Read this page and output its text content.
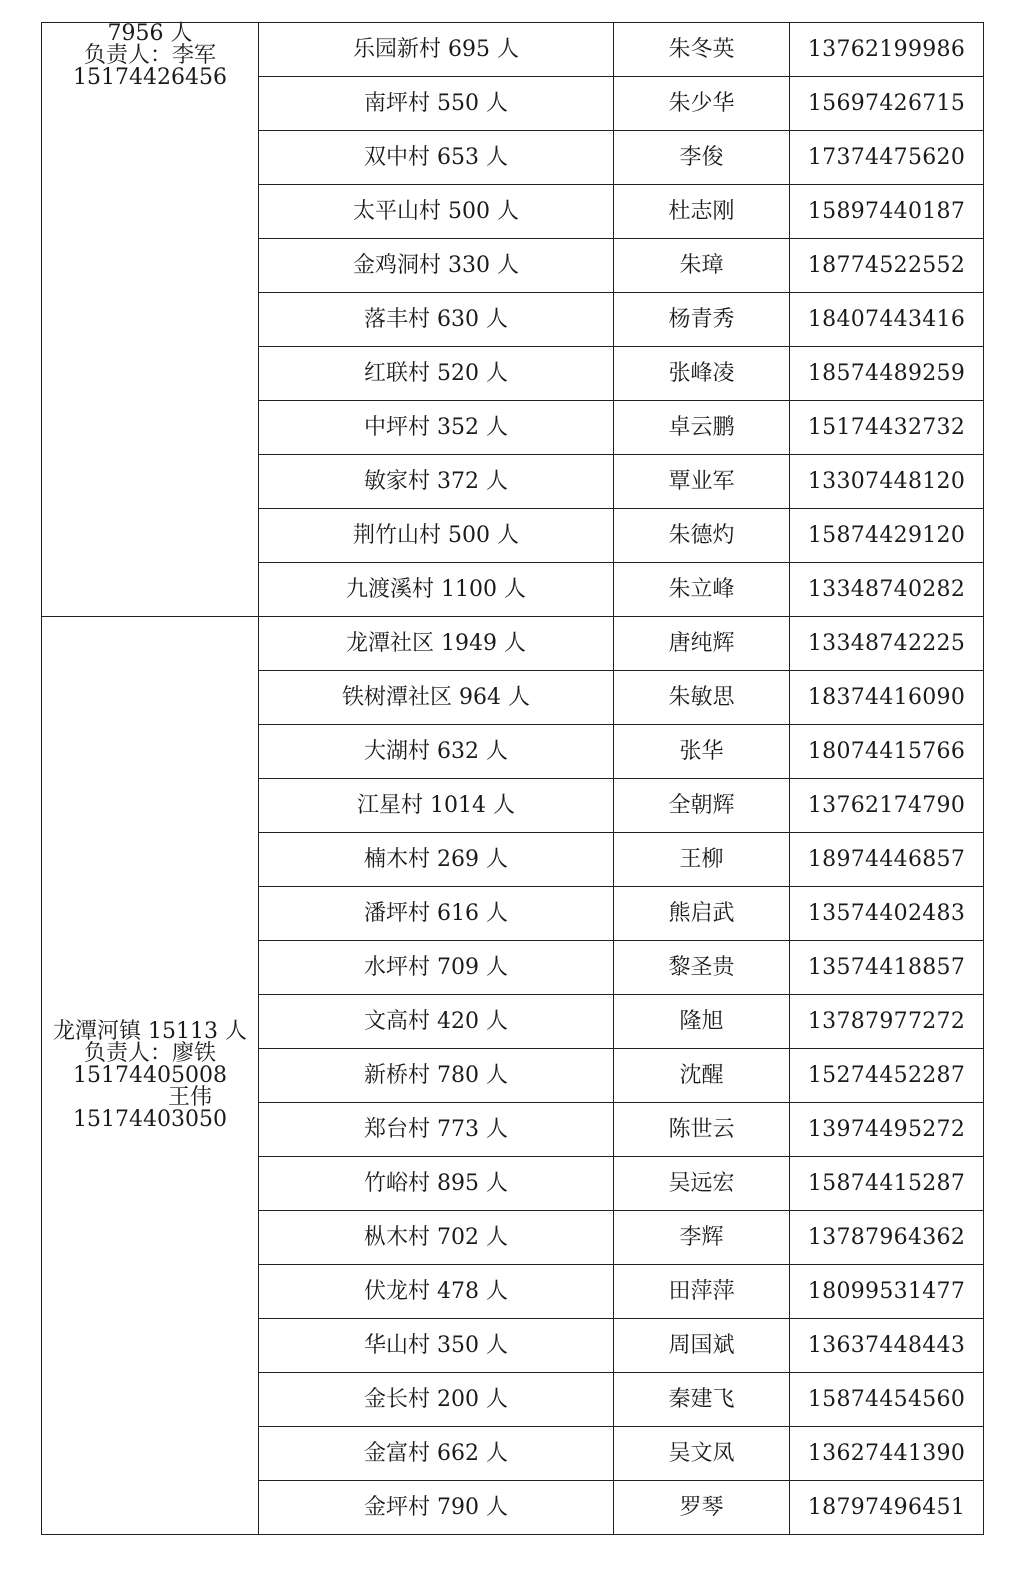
7956 人
负责人：李军
15174426456	乐园新村 695 人	朱冬英	13762199986
	南坪村 550 人	朱少华	15697426715
	双中村 653 人	李俊	17374475620
	太平山村 500 人	杜志刚	15897440187
	金鸡洞村 330 人	朱璋	18774522552
	落丰村 630 人	杨青秀	18407443416
	红联村 520 人	张峰凌	18574489259
	中坪村 352 人	卓云鹏	15174432732
	敏家村 372 人	覃业军	13307448120
	荆竹山村 500 人	朱德灼	15874429120
	九渡溪村 1100 人	朱立峰	13348740282

龙潭河镇 15113 人
负责人：廖铁
15174405008
王伟
15174403050	龙潭社区 1949 人	唐纯辉	13348742225
	铁树潭社区 964 人	朱敏思	18374416090
	大湖村 632 人	张华	18074415766
	江星村 1014 人	全朝辉	13762174790
	楠木村 269 人	王柳	18974446857
	潘坪村 616 人	熊启武	13574402483
	水坪村 709 人	黎圣贵	13574418857
	文高村 420 人	隆旭	13787977272
	新桥村 780 人	沈醒	15274452287
	郑台村 773 人	陈世云	13974495272
	竹峪村 895 人	吴远宏	15874415287
	枞木村 702 人	李辉	13787964362
	伏龙村 478 人	田萍萍	18099531477
	华山村 350 人	周国斌	13637448443
	金长村 200 人	秦建飞	15874454560
	金富村 662 人	吴文凤	13627441390
	金坪村 790 人	罗琴	18797496451
